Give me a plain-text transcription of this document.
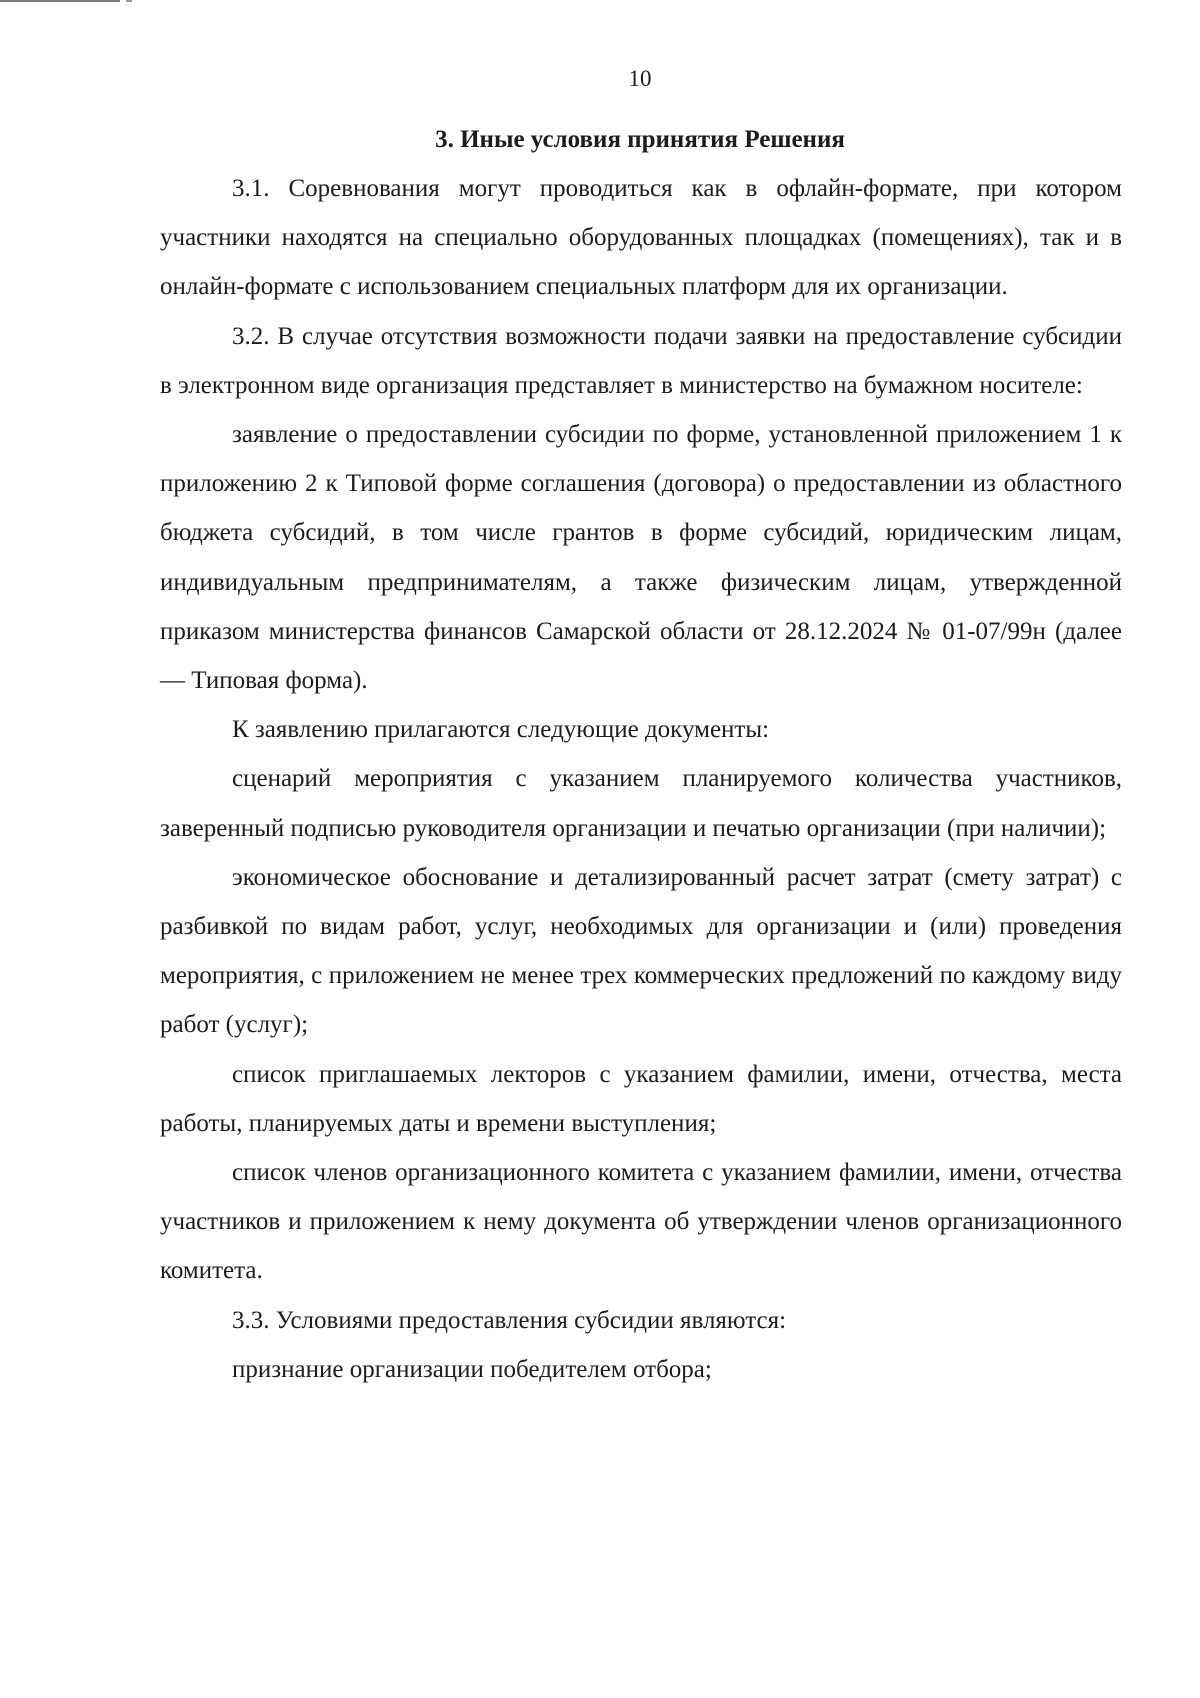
10
3. Иные условия принятия Решения

3.1. Соревнования могут проводиться как в офлайн-формате, при котором участники находятся на специально оборудованных площадках (помещениях), так и в онлайн-формате с использованием специальных платформ для их организации.

3.2. В случае отсутствия возможности подачи заявки на предоставление субсидии в электронном виде организация представляет в министерство на бумажном носителе:

заявление о предоставлении субсидии по форме, установленной приложением 1 к приложению 2 к Типовой форме соглашения (договора) о предоставлении из областного бюджета субсидий, в том числе грантов в форме субсидий, юридическим лицам, индивидуальным предпринимателям, а также физическим лицам, утвержденной приказом министерства финансов Самарской области от 28.12.2024 № 01-07/99н (далее — Типовая форма).

К заявлению прилагаются следующие документы:

сценарий мероприятия с указанием планируемого количества участников, заверенный подписью руководителя организации и печатью организации (при наличии);

экономическое обоснование и детализированный расчет затрат (смету затрат) с разбивкой по видам работ, услуг, необходимых для организации и (или) проведения мероприятия, с приложением не менее трех коммерческих предложений по каждому виду работ (услуг);

список приглашаемых лекторов с указанием фамилии, имени, отчества, места работы, планируемых даты и времени выступления;

список членов организационного комитета с указанием фамилии, имени, отчества участников и приложением к нему документа об утверждении членов организационного комитета.

3.3. Условиями предоставления субсидии являются:

признание организации победителем отбора;
